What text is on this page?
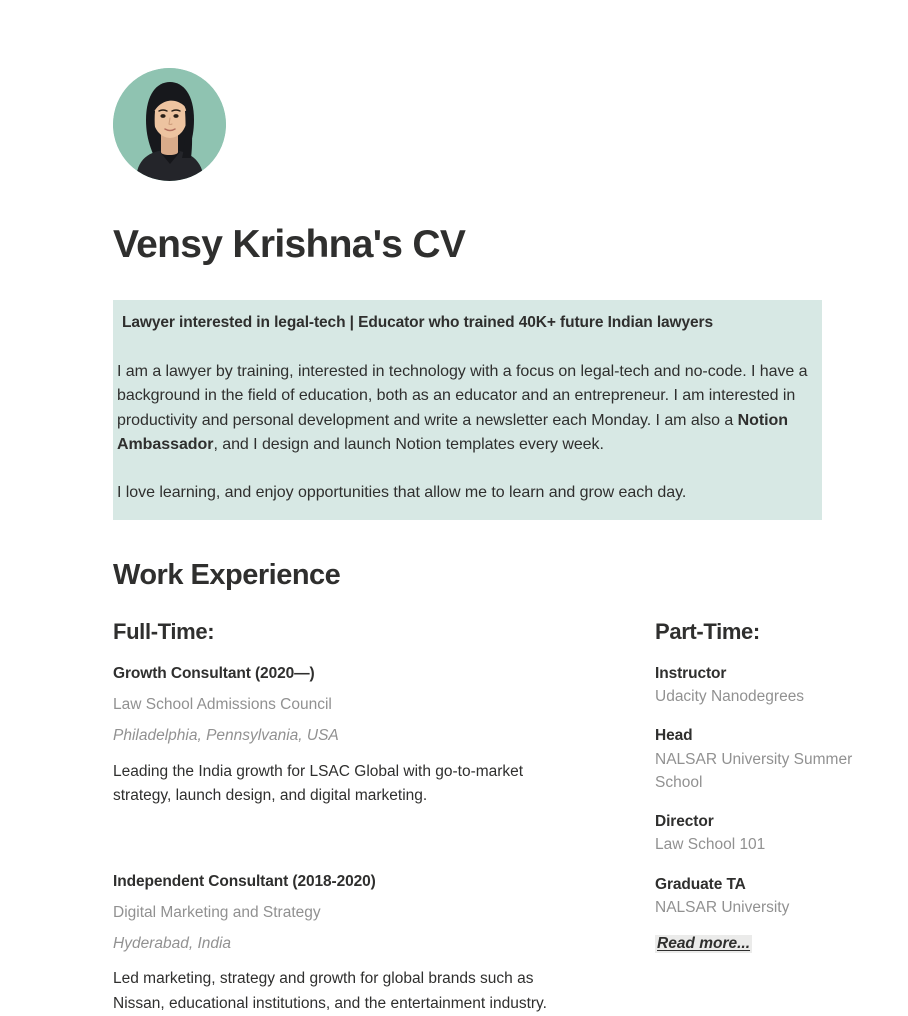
Vensy Krishna's CV
Lawyer interested in legal-tech | Educator who trained 40K+ future Indian lawyers
I am a lawyer by training, interested in technology with a focus on legal-tech and no-code. I have a background in the field of education, both as an educator and an entrepreneur. I am interested in productivity and personal development and write a newsletter each Monday. I am also a Notion Ambassador, and I design and launch Notion templates every week.
I love learning, and enjoy opportunities that allow me to learn and grow each day.
Work Experience
Full-Time:
Growth Consultant (2020—)
Law School Admissions Council
Philadelphia, Pennsylvania, USA
Leading the India growth for LSAC Global with go-to-market strategy, launch design, and digital marketing.
Independent Consultant (2018-2020)
Digital Marketing and Strategy
Hyderabad, India
Led marketing, strategy and growth for global brands such as Nissan, educational institutions, and the entertainment industry.
Part-Time:
Instructor
Udacity Nanodegrees
Head
NALSAR University Summer School
Director
Law School 101
Graduate TA
NALSAR University
Read more...
